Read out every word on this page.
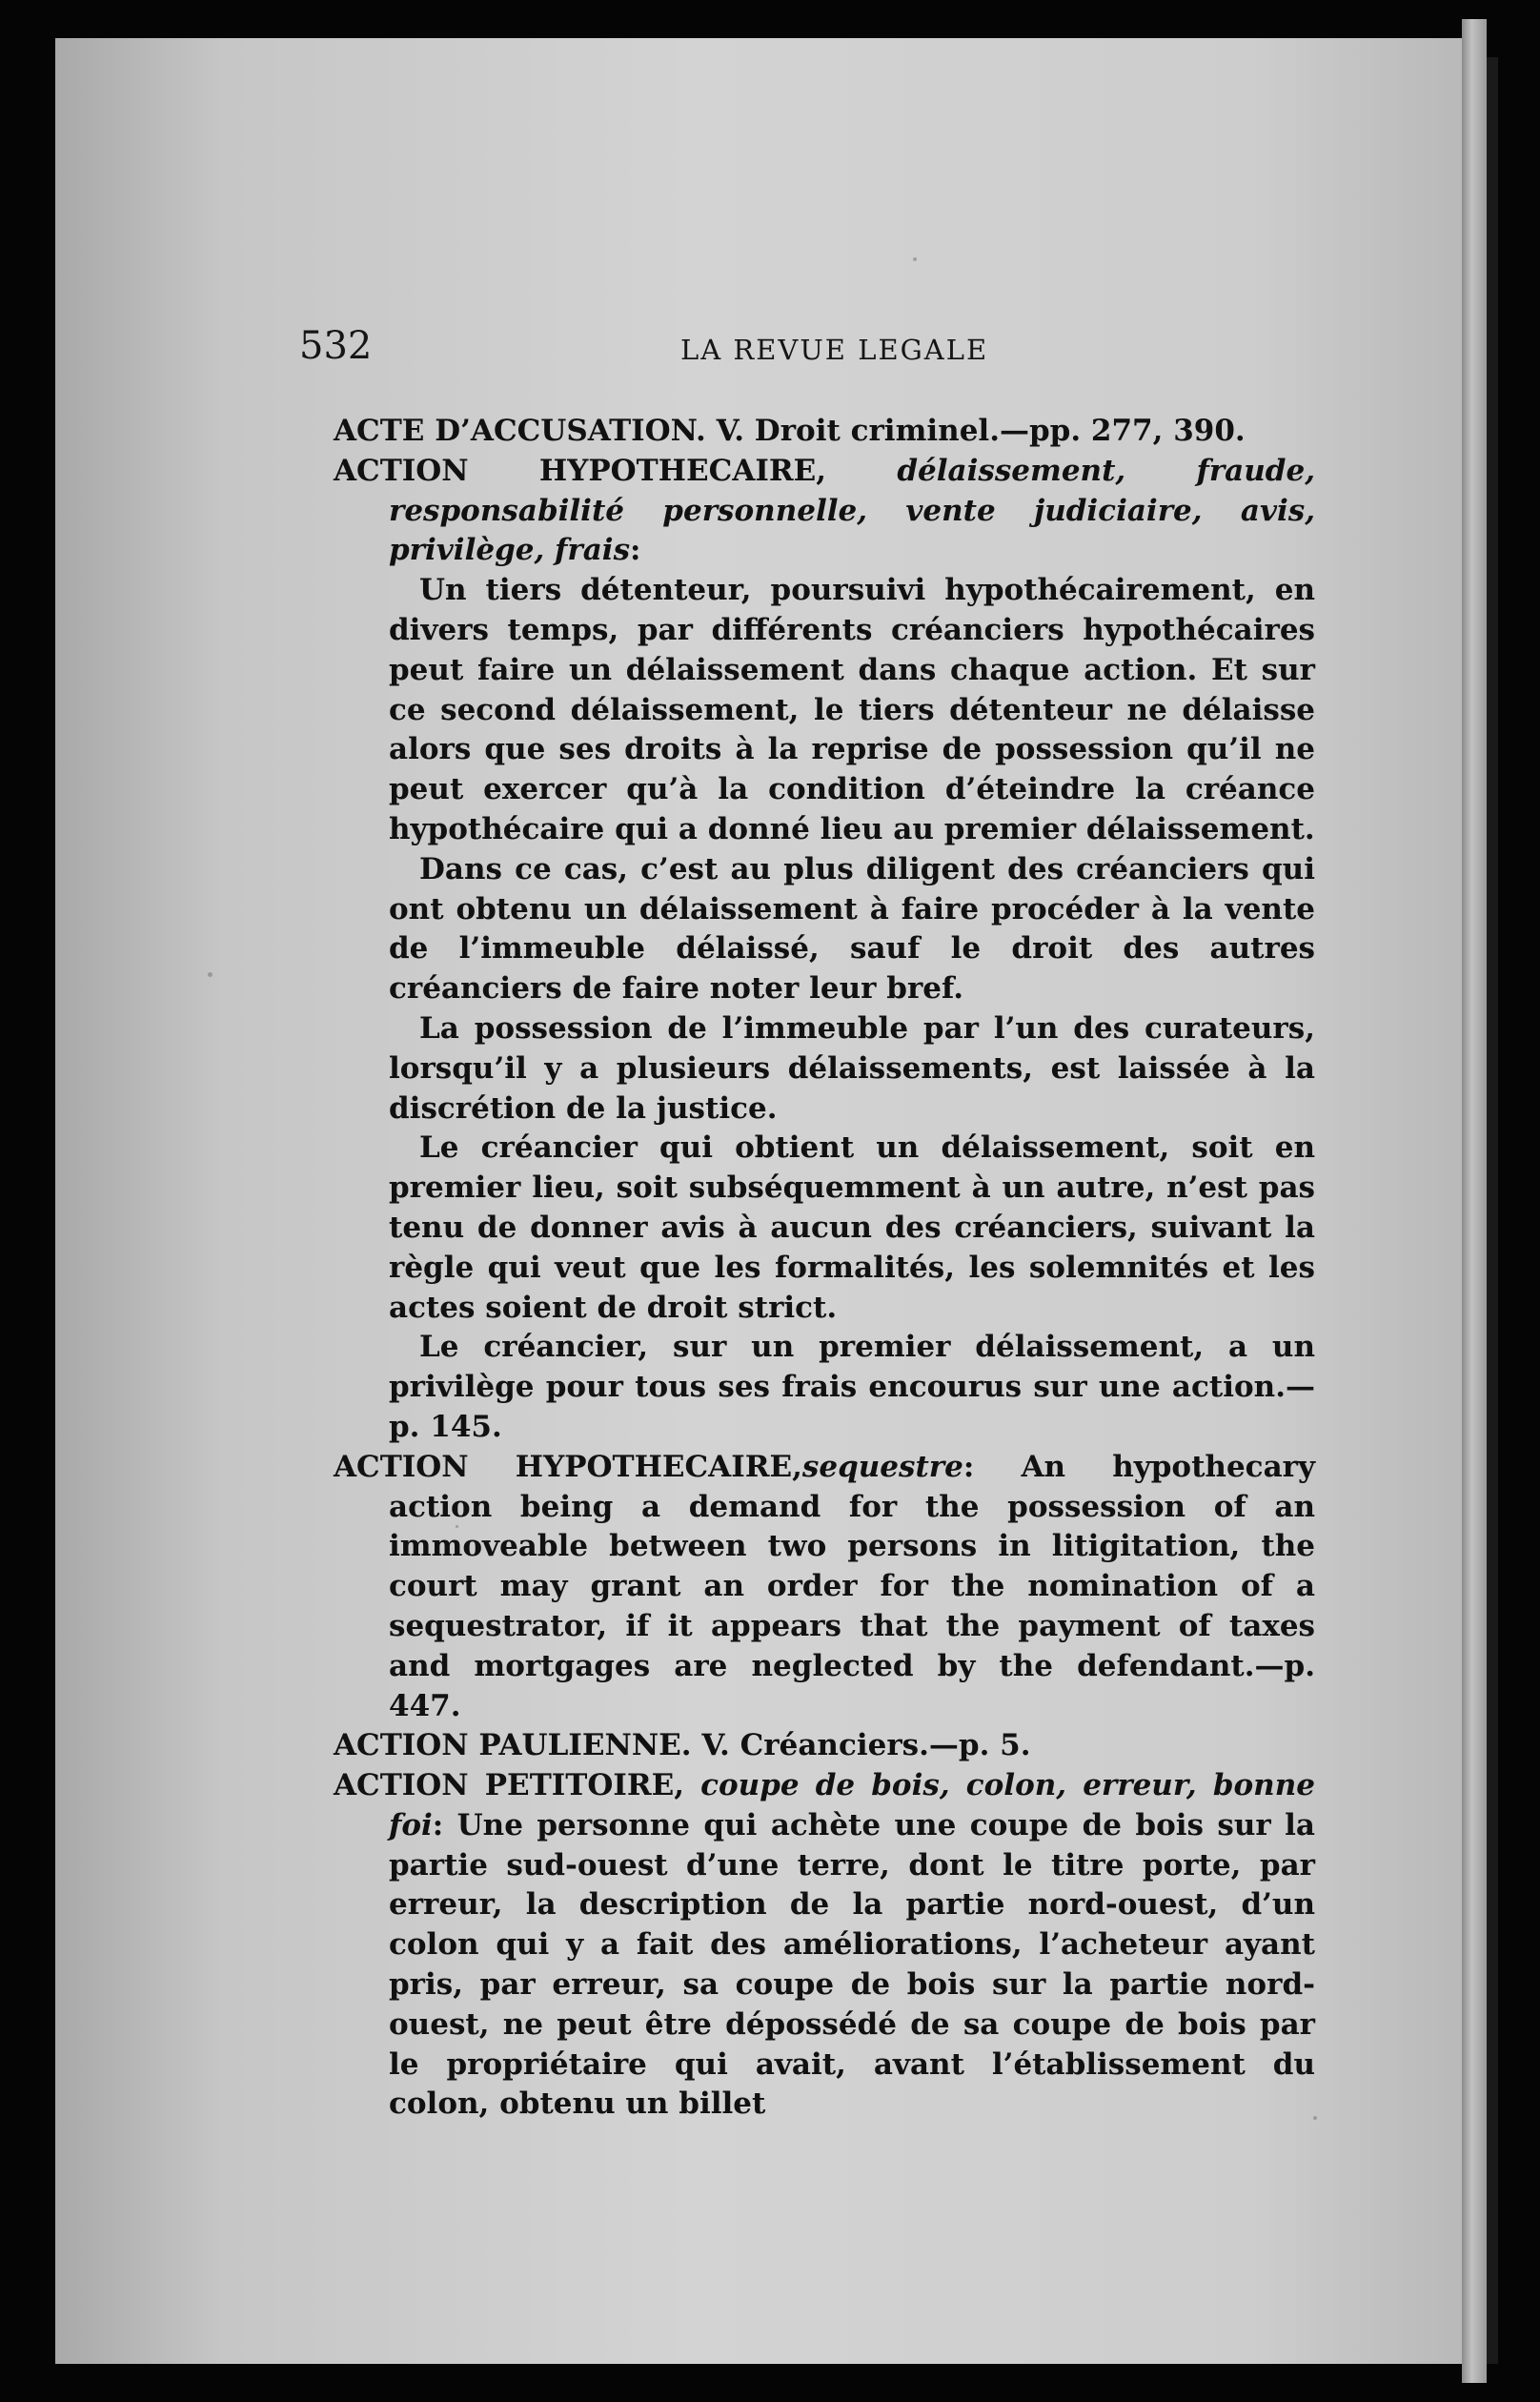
532	LA REVUE LEGALE

ACTE D’ACCUSATION. V. Droit criminel.—pp. 277, 390.

ACTION HYPOTHECAIRE, délaissement, fraude, responsabilité personnelle, vente judiciaire, avis, privilège, frais:

Un tiers détenteur, poursuivi hypothécairement, en divers temps, par différents créanciers hypothécaires peut faire un délaissement dans chaque action. Et sur ce second délaissement, le tiers détenteur ne délaisse alors que ses droits à la reprise de possession qu’il ne peut exercer qu’à la condition d’éteindre la créance hypothécaire qui a donné lieu au premier délaissement.

Dans ce cas, c’est au plus diligent des créanciers qui ont obtenu un délaissement à faire procéder à la vente de l’immeuble délaissé, sauf le droit des autres créanciers de faire noter leur bref.

La possession de l’immeuble par l’un des curateurs, lorsqu’il y a plusieurs délaissements, est laissée à la discrétion de la justice.

Le créancier qui obtient un délaissement, soit en premier lieu, soit subséquemment à un autre, n’est pas tenu de donner avis à aucun des créanciers, suivant la règle qui veut que les formalités, les solemnités et les actes soient de droit strict.

Le créancier, sur un premier délaissement, a un privilège pour tous ses frais encourus sur une action.—p. 145.

ACTION HYPOTHECAIRE,sequestre: An hypothecary action being a demand for the possession of an immoveable between two persons in litigitation, the court may grant an order for the nomination of a sequestrator, if it appears that the payment of taxes and mortgages are neglected by the defendant.—p. 447.

ACTION PAULIENNE. V. Créanciers.—p. 5.

ACTION PETITOIRE, coupe de bois, colon, erreur, bonne foi: Une personne qui achète une coupe de bois sur la partie sud-ouest d’une terre, dont le titre porte, par erreur, la description de la partie nord-ouest, d’un colon qui y a fait des améliorations, l’acheteur ayant pris, par erreur, sa coupe de bois sur la partie nord-ouest, ne peut être dépossédé de sa coupe de bois par le propriétaire qui avait, avant l’établissement du colon, obtenu un billet
